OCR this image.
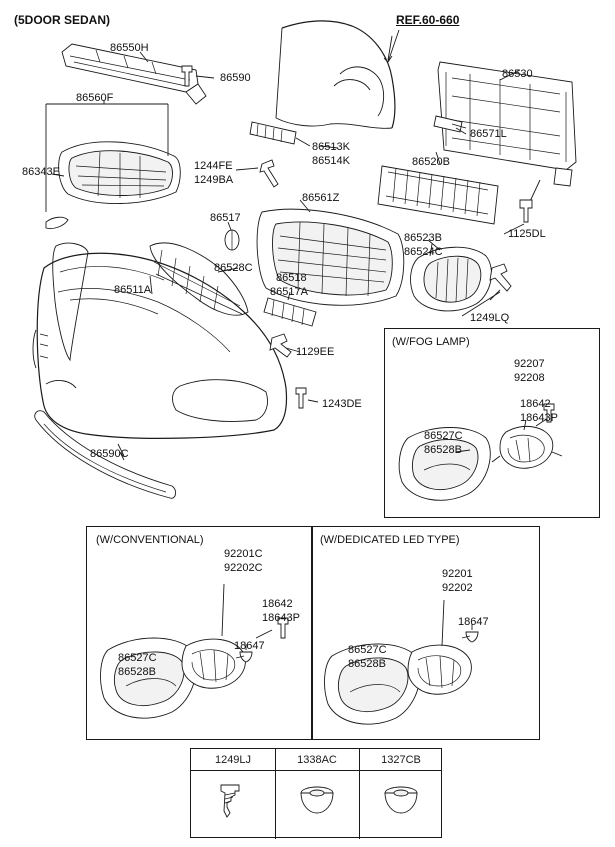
(5DOOR SEDAN)	REF.60-660
86550H
86590
86560F
86343E	1244FE
1249BA
86513K
86514K	86520B
86530
86571L
1125DL
86523B
86524C
86561Z
86517
86528C
86518
86517A
86511A
1249LQ
1129EE
1243DE
86590C
(W/FOG LAMP)
92207
92208
18642
18643P
86527C
86528B
(W/CONVENTIONAL)
92201C
92202C
18642
18643P
18647
86527C
86528B
(W/DEDICATED LED TYPE)
92201
92202
18647
86527C
86528B
1249LJ	1338AC	1327CB
